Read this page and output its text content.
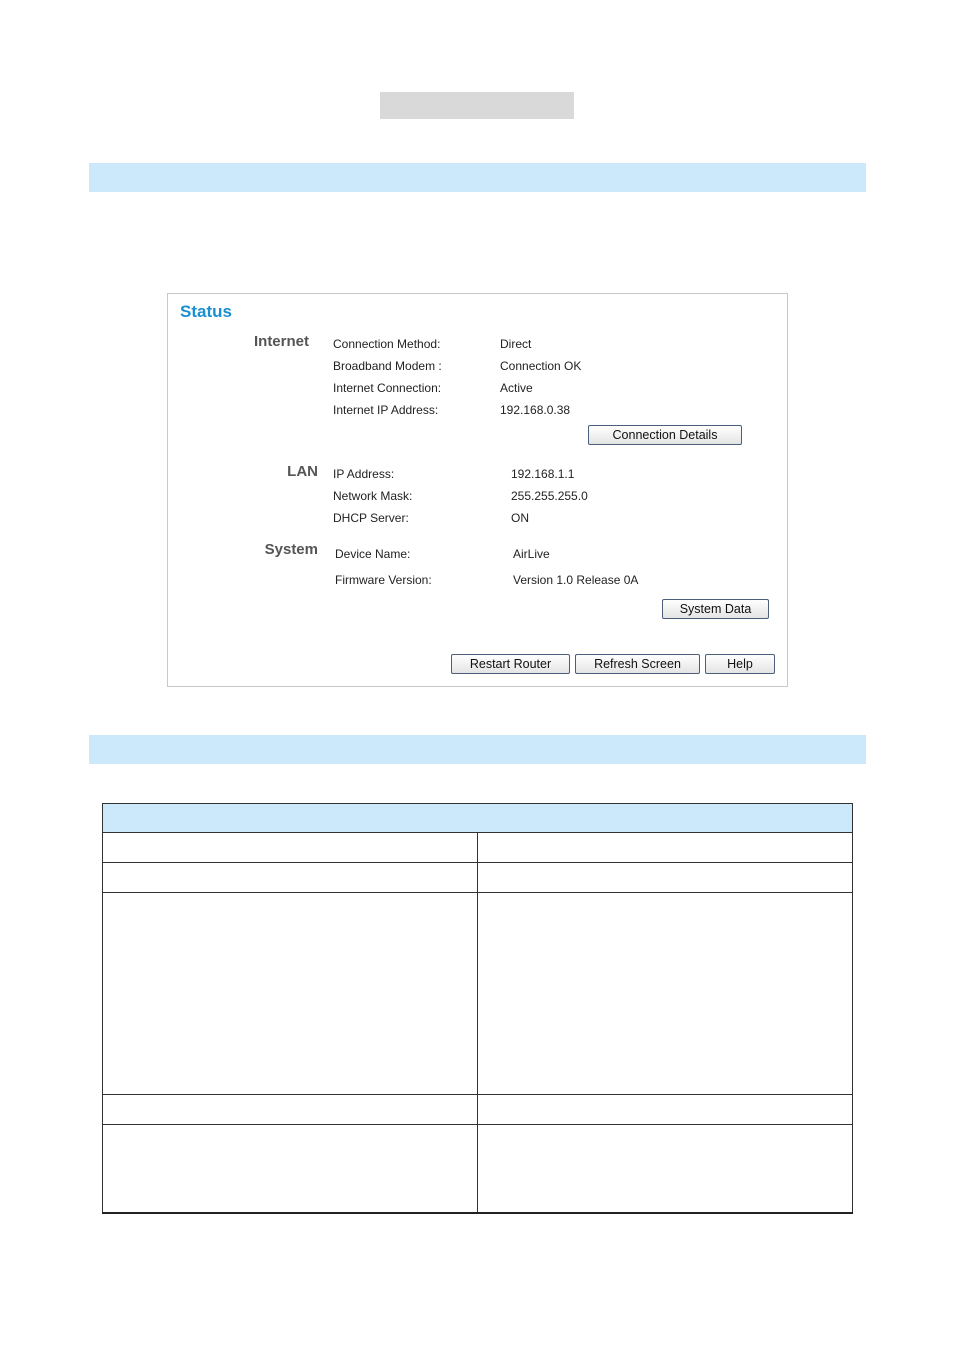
Status
Internet Connection Method:	Direct
Broadband Modem :	Connection OK
Internet Connection:	Active
Internet IP Address:	192.168.0.38
Connection Details
LAN IP Address:	192.168.1.1
Network Mask:	255.255.255.0
DHCP Server:	ON
System Device Name:	AirLive
Firmware Version:	Version 1.0 Release 0A
System Data
Restart Router	Refresh Screen	Help
